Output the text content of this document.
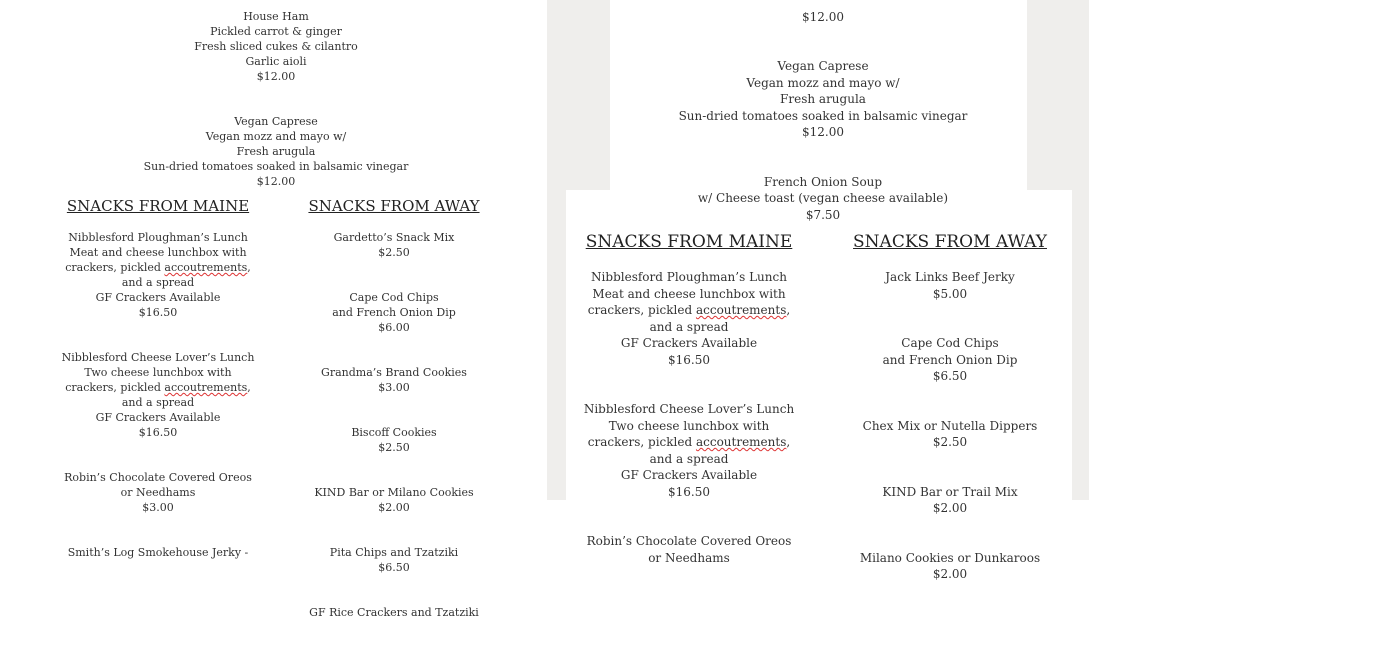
House Ham
Pickled carrot & ginger
Fresh sliced cukes & cilantro
Garlic aioli
$12.00

Vegan Caprese
Vegan mozz and mayo w/
Fresh arugula
Sun-dried tomatoes soaked in balsamic vinegar
$12.00

SNACKS FROM MAINE

Nibblesford Ploughman’s Lunch
Meat and cheese lunchbox with
crackers, pickled accoutrements,
and a spread
GF Crackers Available
$16.50

Nibblesford Cheese Lover’s Lunch
Two cheese lunchbox with
crackers, pickled accoutrements,
and a spread
GF Crackers Available
$16.50

Robin’s Chocolate Covered Oreos
or Needhams
$3.00

Smith’s Log Smokehouse Jerky -

SNACKS FROM AWAY

Gardetto’s Snack Mix
$2.50

Cape Cod Chips
and French Onion Dip
$6.00

Grandma’s Brand Cookies
$3.00

Biscoff Cookies
$2.50

KIND Bar or Milano Cookies
$2.00

Pita Chips and Tzatziki
$6.50

GF Rice Crackers and Tzatziki

$12.00

Vegan Caprese
Vegan mozz and mayo w/
Fresh arugula
Sun-dried tomatoes soaked in balsamic vinegar
$12.00

French Onion Soup
w/ Cheese toast (vegan cheese available)
$7.50

SNACKS FROM MAINE

Nibblesford Ploughman’s Lunch
Meat and cheese lunchbox with
crackers, pickled accoutrements,
and a spread
GF Crackers Available
$16.50

Nibblesford Cheese Lover’s Lunch
Two cheese lunchbox with
crackers, pickled accoutrements,
and a spread
GF Crackers Available
$16.50

Robin’s Chocolate Covered Oreos
or Needhams

SNACKS FROM AWAY

Jack Links Beef Jerky
$5.00

Cape Cod Chips
and French Onion Dip
$6.50

Chex Mix or Nutella Dippers
$2.50

KIND Bar or Trail Mix
$2.00

Milano Cookies or Dunkaroos
$2.00
